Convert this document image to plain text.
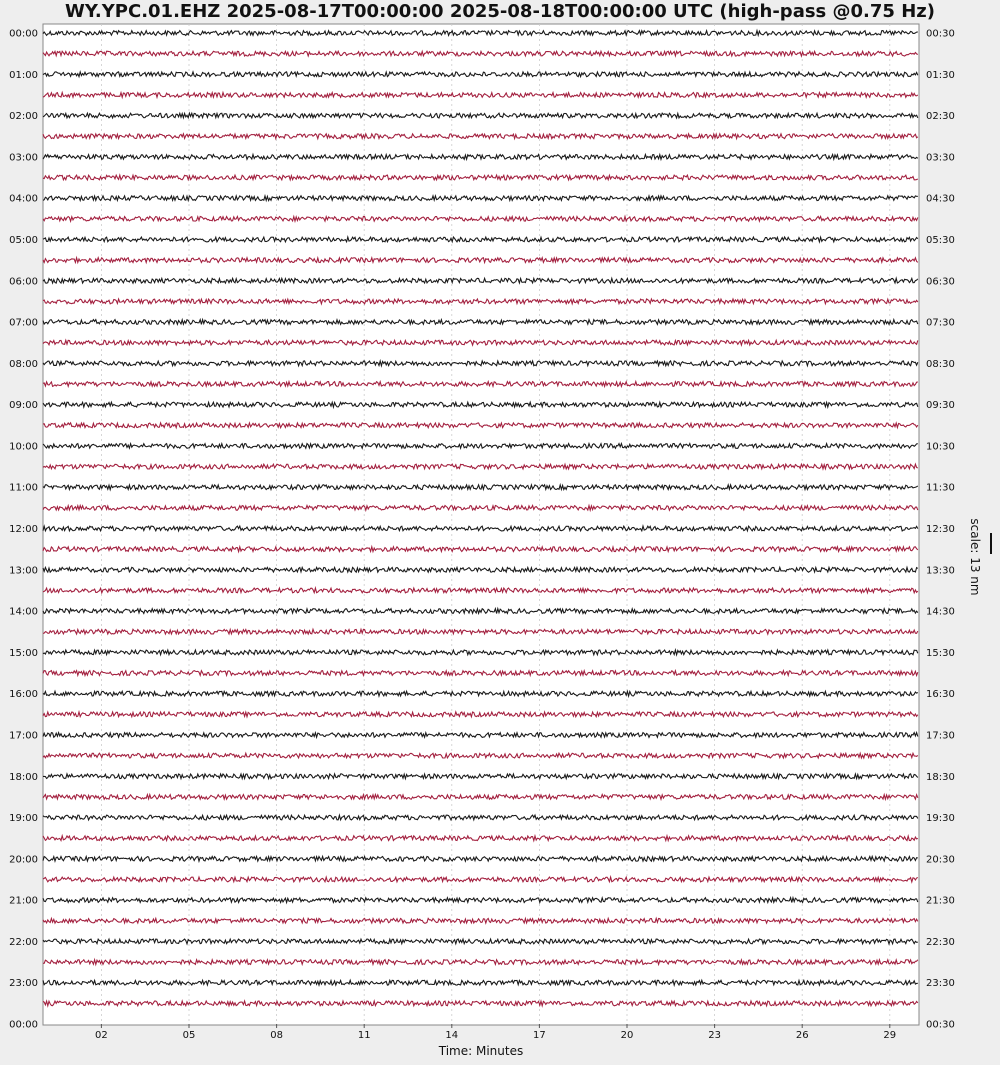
WY.YPC.01.EHZ 2025-08-17T00:00:00 2025-08-18T00:00:00 UTC (high-pass @0.75 Hz)
00:00
01:00
02:00
03:00
04:00
05:00
06:00
07:00
08:00
09:00
10:00
11:00
12:00
13:00
14:00
15:00
16:00
17:00
18:00
19:00
20:00
21:00
22:00
23:00
00:00
00:30
01:30
02:30
03:30
04:30
05:30
06:30
07:30
08:30
09:30
10:30
11:30
12:30
13:30
14:30
15:30
16:30
17:30
18:30
19:30
20:30
21:30
22:30
23:30
00:30
02	05	08	11	14	17	20	23	26	29
Time: Minutes
scale: 13 nm
